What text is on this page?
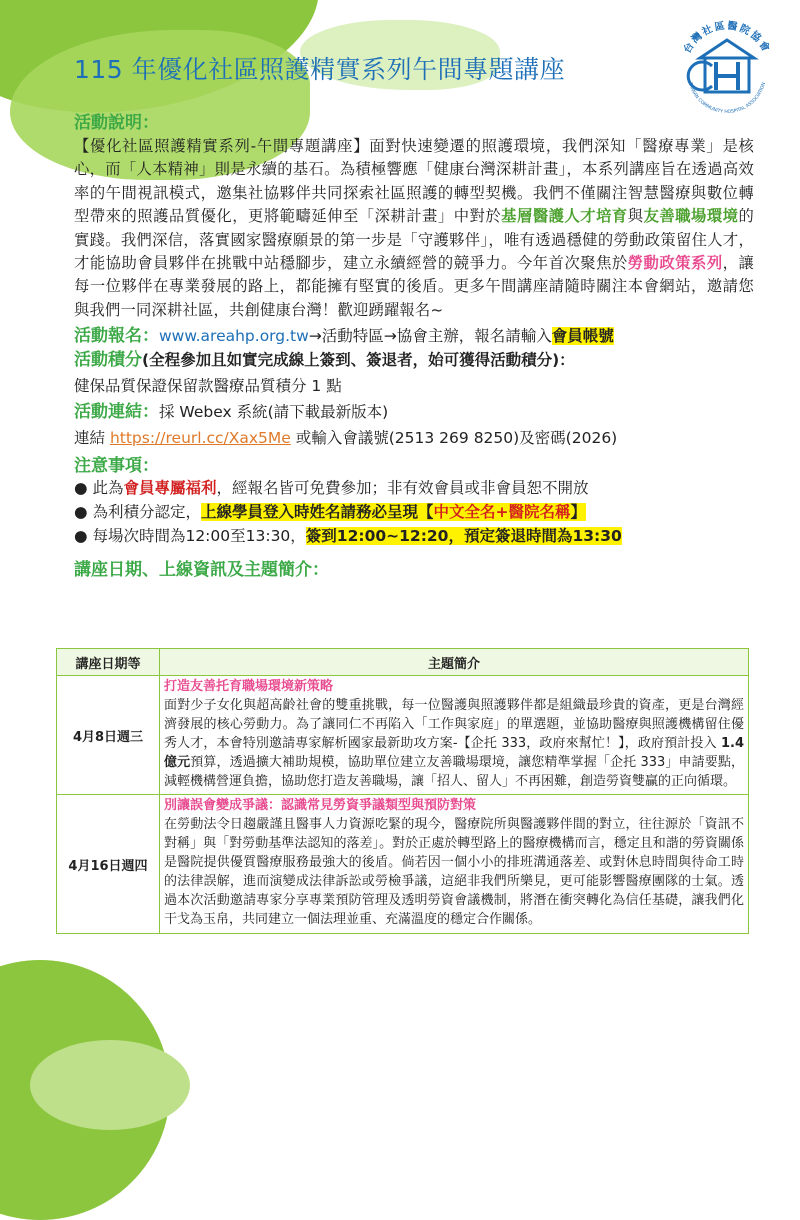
115 年優化社區照護精實系列午間專題講座
台灣社區醫院協會
TAIWAN COMMUNITY HOSPITAL ASSOCIATION
活動說明：

【優化社區照護精實系列-午間專題講座】面對快速變遷的照護環境，我們深知「醫療專業」是核心，而「人本精神」則是永續的基石。為積極響應「健康台灣深耕計畫」，本系列講座旨在透過高效率的午間視訊模式，邀集社協夥伴共同探索社區照護的轉型契機。我們不僅關注智慧醫療與數位轉型帶來的照護品質優化，更將範疇延伸至「深耕計畫」中對於基層醫護人才培育與友善職場環境的實踐。我們深信，落實國家醫療願景的第一步是「守護夥伴」，唯有透過穩健的勞動政策留住人才，才能協助會員夥伴在挑戰中站穩腳步，建立永續經營的競爭力。今年首次聚焦於勞動政策系列，讓每一位夥伴在專業發展的路上，都能擁有堅實的後盾。更多午間講座請隨時關注本會網站，邀請您與我們一同深耕社區，共創健康台灣！歡迎踴躍報名~

活動報名：www.areahp.org.tw→活動特區→協會主辦，報名請輸入會員帳號

活動積分(全程參加且如實完成線上簽到、簽退者，始可獲得活動積分)：

健保品質保證保留款醫療品質積分 1 點

活動連結：採 Webex 系統(請下載最新版本)

連結 https://reurl.cc/Xax5Me 或輸入會議號(2513 269 8250)及密碼(2026)

注意事項：

● 此為會員專屬福利，經報名皆可免費參加；非有效會員或非會員恕不開放

● 為利積分認定，上線學員登入時姓名請務必呈現【中文全名+醫院名稱】

● 每場次時間為12:00至13:30，簽到12:00~12:20，預定簽退時間為13:30

講座日期、上線資訊及主題簡介：
講座日期等	主題簡介
4月8日週三	打造友善托育職場環境新策略
面對少子女化與超高齡社會的雙重挑戰，每一位醫護與照護夥伴都是組織最珍貴的資產，更是台灣經濟發展的核心勞動力。為了讓同仁不再陷入「工作與家庭」的單選題，並協助醫療與照護機構留住優秀人才，本會特別邀請專家解析國家最新助攻方案-【企托 333，政府來幫忙！】，政府預計投入 1.4 億元預算，透過擴大補助規模，協助單位建立友善職場環境，讓您精準掌握「企托 333」申請要點，減輕機構營運負擔，協助您打造友善職場，讓「招人、留人」不再困難，創造勞資雙贏的正向循環。

4月16日週四	別讓誤會變成爭議：認識常見勞資爭議類型與預防對策
在勞動法令日趨嚴謹且醫事人力資源吃緊的現今，醫療院所與醫護夥伴間的對立，往往源於「資訊不對稱」與「對勞動基準法認知的落差」。對於正處於轉型路上的醫療機構而言，穩定且和諧的勞資關係是醫院提供優質醫療服務最強大的後盾。倘若因一個小小的排班溝通落差、或對休息時間與待命工時的法律誤解，進而演變成法律訴訟或勞檢爭議，這絕非我們所樂見，更可能影響醫療團隊的士氣。透過本次活動邀請專家分享專業預防管理及透明勞資會議機制，將潛在衝突轉化為信任基礎，讓我們化干戈為玉帛，共同建立一個法理並重、充滿溫度的穩定合作關係。
